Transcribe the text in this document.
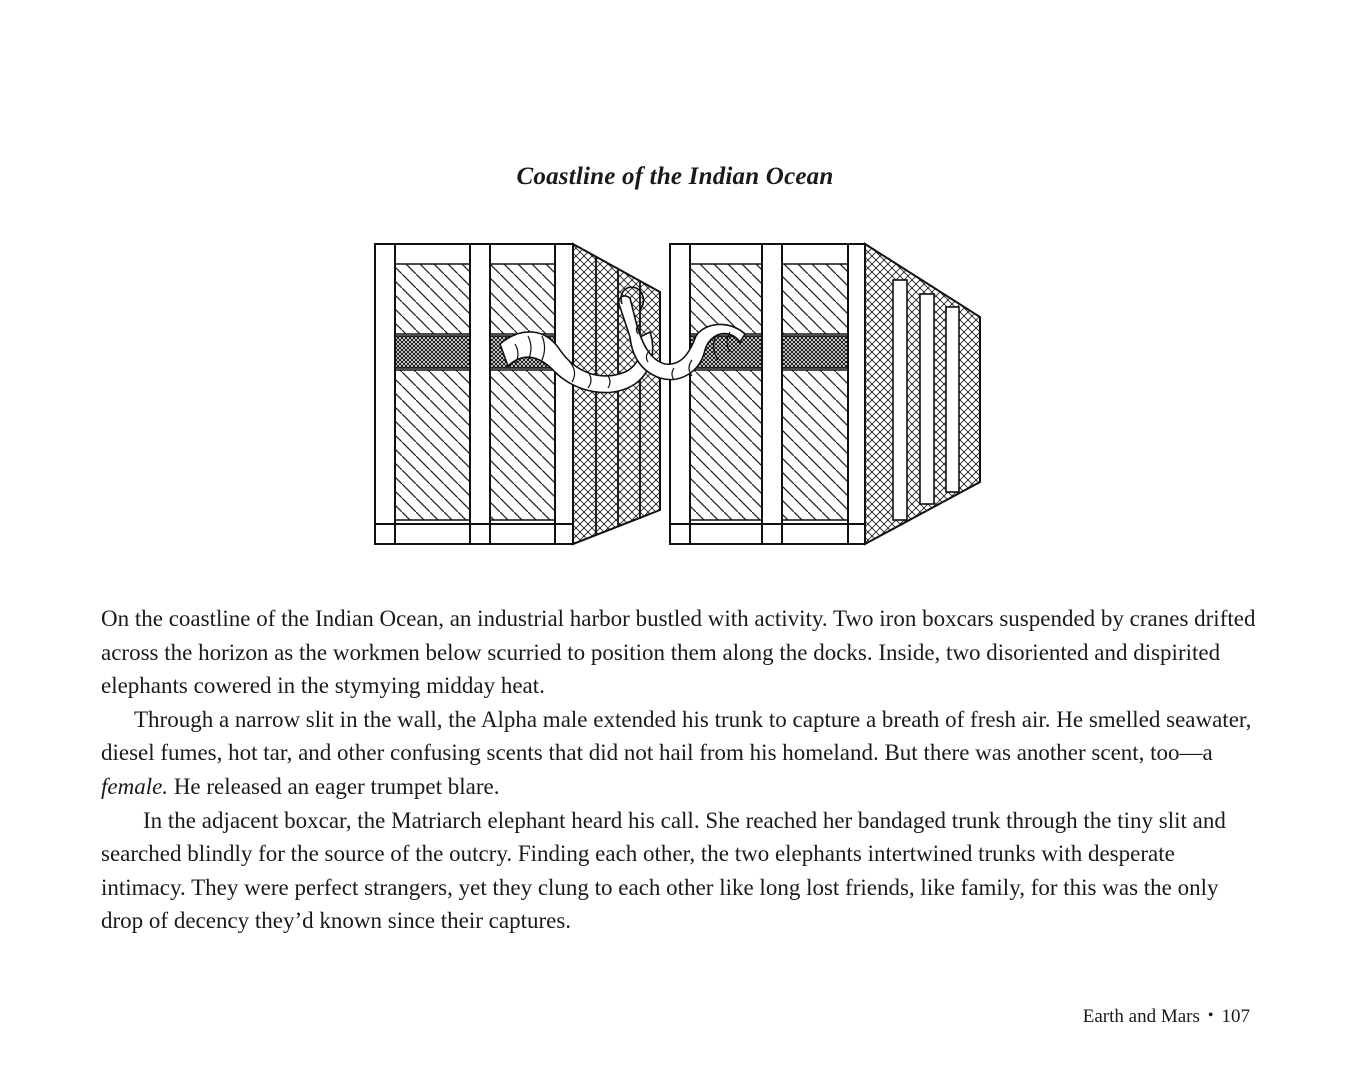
Coastline of the Indian Ocean

On the coastline of the Indian Ocean, an industrial harbor bustled with activity. Two iron boxcars suspended by cranes drifted across the horizon as the workmen below scurried to position them along the docks. Inside, two disoriented and dispirited elephants cowered in the stymying midday heat.

Through a narrow slit in the wall, the Alpha male extended his trunk to capture a breath of fresh air. He smelled seawater, diesel fumes, hot tar, and other confusing scents that did not hail from his homeland. But there was another scent, too—a female. He released an eager trumpet blare.

In the adjacent boxcar, the Matriarch elephant heard his call. She reached her bandaged trunk through the tiny slit and searched blindly for the source of the outcry. Finding each other, the two elephants intertwined trunks with desperate intimacy. They were perfect strangers, yet they clung to each other like long lost friends, like family, for this was the only drop of decency they’d known since their captures.

Earth and Mars • 107
